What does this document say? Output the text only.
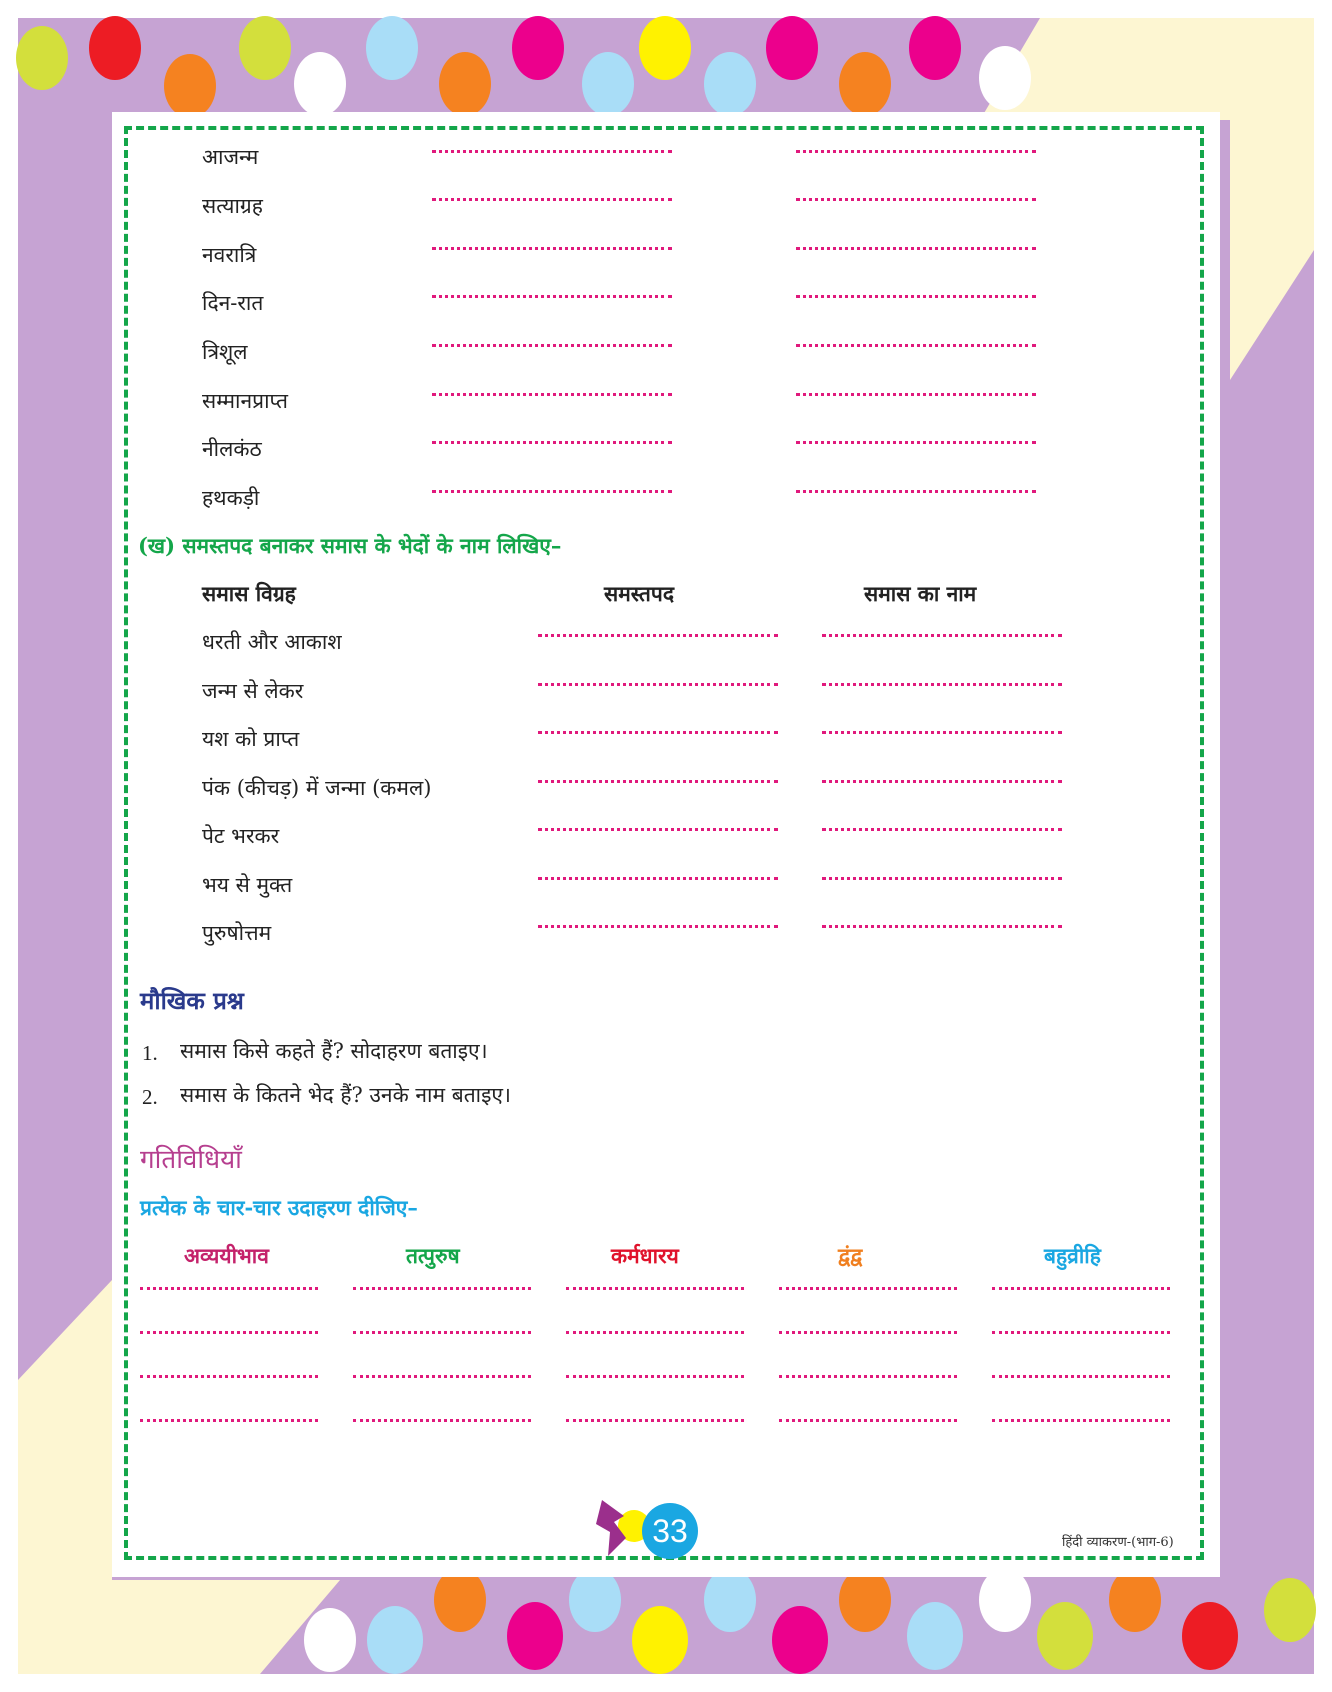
आजन्म
सत्याग्रह
नवरात्रि
दिन-रात
त्रिशूल
सम्मानप्राप्त
नीलकंठ
हथकड़ी
(ख) समस्तपद बनाकर समास के भेदों के नाम लिखिए–
समास विग्रह	समस्तपद	समास का नाम
धरती और आकाश
जन्म से लेकर
यश को प्राप्त
पंक (कीचड़) में जन्मा (कमल)
पेट भरकर
भय से मुक्त
पुरुषोत्तम
मौखिक प्रश्न
1. समास किसे कहते हैं? सोदाहरण बताइए।
2. समास के कितने भेद हैं? उनके नाम बताइए।
गतिविधियाँ
प्रत्येक के चार-चार उदाहरण दीजिए–
अव्ययीभाव	तत्पुरुष	कर्मधारय	द्वंद्व	बहुव्रीहि
33	हिंदी व्याकरण-(भाग-6)
